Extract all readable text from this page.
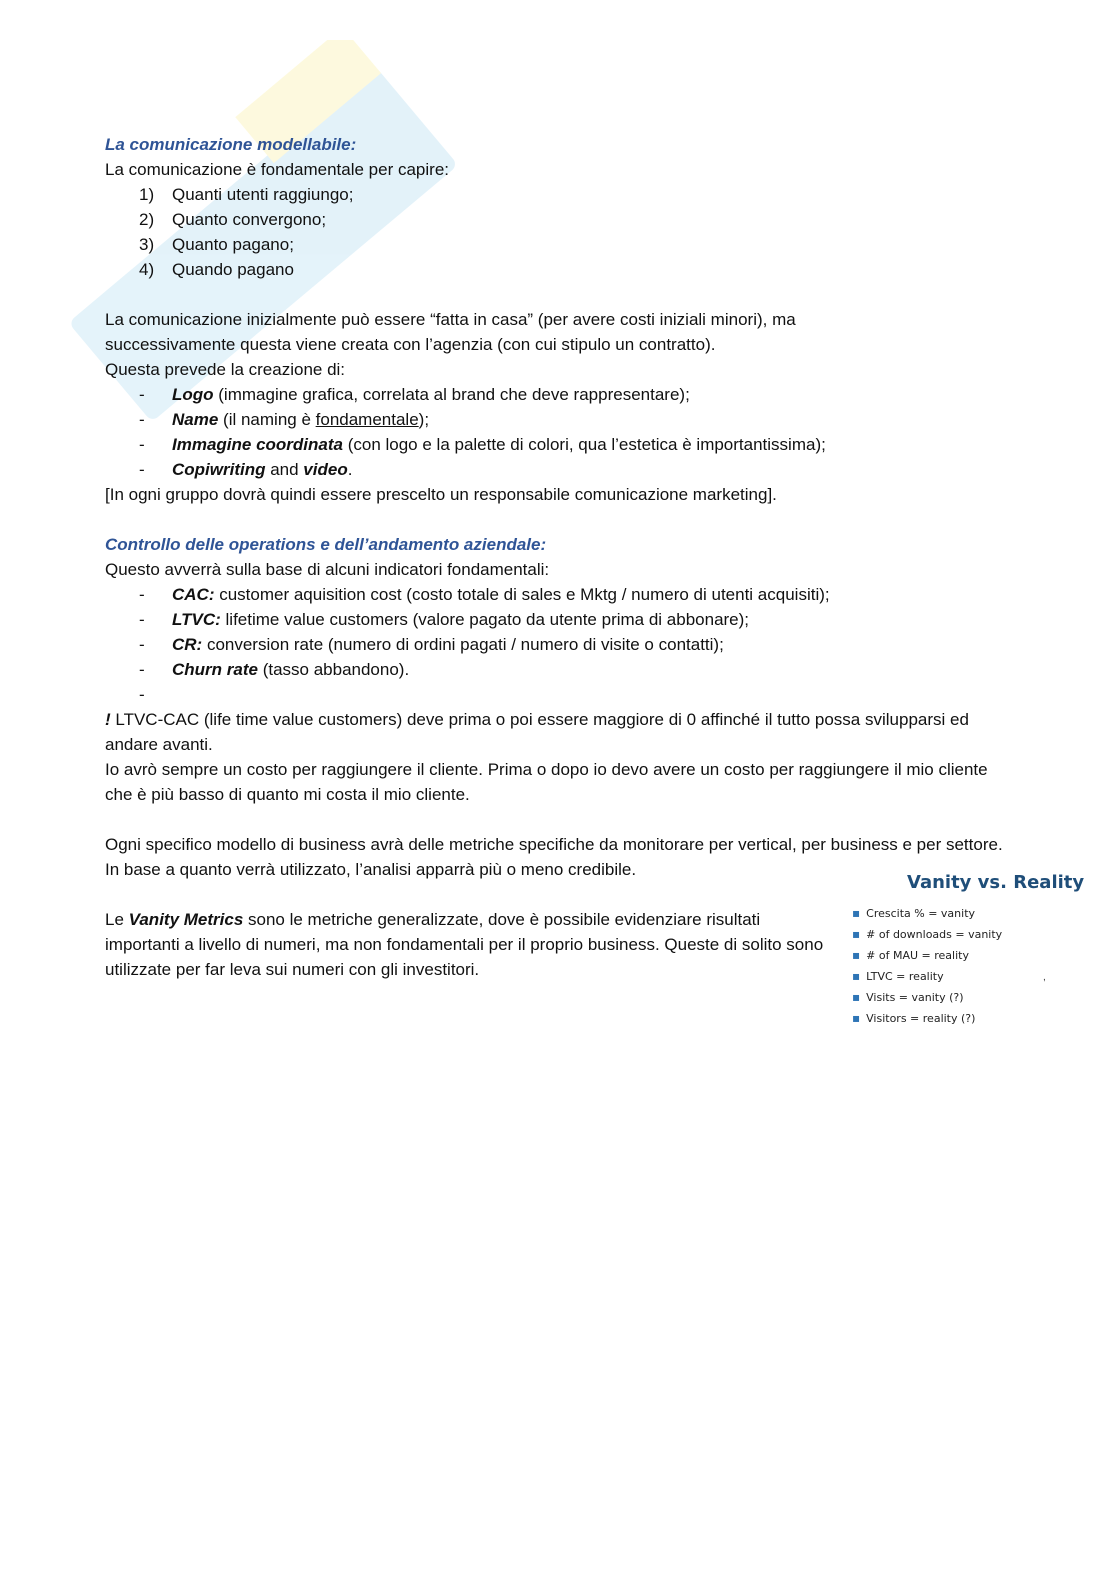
La comunicazione modellabile:
La comunicazione è fondamentale per capire:
1) Quanti utenti raggiungo;
2) Quanto convergono;
3) Quanto pagano;
4) Quando pagano
La comunicazione inizialmente può essere “fatta in casa” (per avere costi iniziali minori), ma
successivamente questa viene creata con l’agenzia (con cui stipulo un contratto).
Questa prevede la creazione di:
- Logo (immagine grafica, correlata al brand che deve rappresentare);
- Name (il naming è fondamentale);
- Immagine coordinata (con logo e la palette di colori, qua l’estetica è importantissima);
- Copiwriting and video.
[In ogni gruppo dovrà quindi essere prescelto un responsabile comunicazione marketing].
Controllo delle operations e dell’andamento aziendale:
Questo avverrà sulla base di alcuni indicatori fondamentali:
- CAC: customer aquisition cost (costo totale di sales e Mktg / numero di utenti acquisiti);
- LTVC: lifetime value customers (valore pagato da utente prima di abbonare);
- CR: conversion rate (numero di ordini pagati / numero di visite o contatti);
- Churn rate (tasso abbandono).
-

! LTVC-CAC (life time value customers) deve prima o poi essere maggiore di 0 affinché il tutto possa svilupparsi ed andare avanti.
Io avrò sempre un costo per raggiungere il cliente. Prima o dopo io devo avere un costo per raggiungere il mio cliente che è più basso di quanto mi costa il mio cliente.
Ogni specifico modello di business avrà delle metriche specifiche da monitorare per vertical, per business e per settore. In base a quanto verrà utilizzato, l’analisi apparrà più o meno credibile.
Le Vanity Metrics sono le metriche generalizzate, dove è possibile evidenziare risultati importanti a livello di numeri, ma non fondamentali per il proprio business. Queste di solito sono utilizzate per far leva sui numeri con gli investitori.
Vanity vs. Reality
▪ Crescita % = vanity
▪ # of downloads = vanity
▪ # of MAU = reality
▪ LTVC = reality
▪ Visits = vanity (?)
▪ Visitors = reality (?)
,
